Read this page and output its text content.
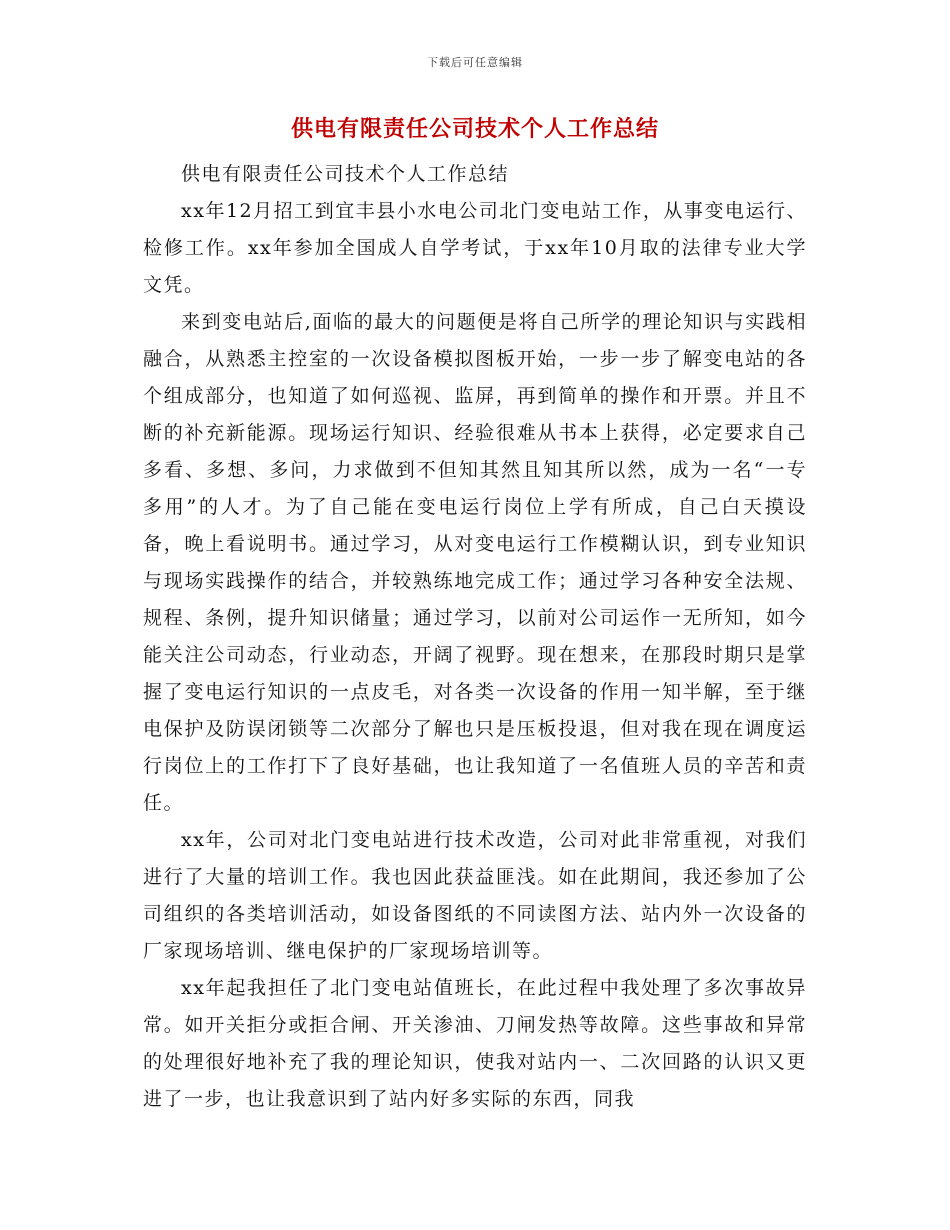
下载后可任意编辑
供电有限责任公司技术个人工作总结

供电有限责任公司技术个人工作总结

xx年12月招工到宜丰县小水电公司北门变电站工作，从事变电运行、检修工作。xx年参加全国成人自学考试，于xx年10月取的法律专业大学文凭。

来到变电站后,面临的最大的问题便是将自己所学的理论知识与实践相融合，从熟悉主控室的一次设备模拟图板开始，一步一步了解变电站的各个组成部分，也知道了如何巡视、监屏，再到简单的操作和开票。并且不断的补充新能源。现场运行知识、经验很难从书本上获得，必定要求自己多看、多想、多问，力求做到不但知其然且知其所以然，成为一名“一专多用”的人才。为了自己能在变电运行岗位上学有所成，自己白天摸设备，晚上看说明书。通过学习，从对变电运行工作模糊认识，到专业知识与现场实践操作的结合，并较熟练地完成工作；通过学习各种安全法规、规程、条例，提升知识储量；通过学习，以前对公司运作一无所知，如今能关注公司动态，行业动态，开阔了视野。现在想来，在那段时期只是掌握了变电运行知识的一点皮毛，对各类一次设备的作用一知半解，至于继电保护及防误闭锁等二次部分了解也只是压板投退，但对我在现在调度运行岗位上的工作打下了良好基础，也让我知道了一名值班人员的辛苦和责任。

xx年，公司对北门变电站进行技术改造，公司对此非常重视，对我们进行了大量的培训工作。我也因此获益匪浅。如在此期间，我还参加了公司组织的各类培训活动，如设备图纸的不同读图方法、站内外一次设备的厂家现场培训、继电保护的厂家现场培训等。

xx年起我担任了北门变电站值班长，在此过程中我处理了多次事故异常。如开关拒分或拒合闸、开关渗油、刀闸发热等故障。这些事故和异常的处理很好地补充了我的理论知识，使我对站内一、二次回路的认识又更进了一步，也让我意识到了站内好多实际的东西，同我
